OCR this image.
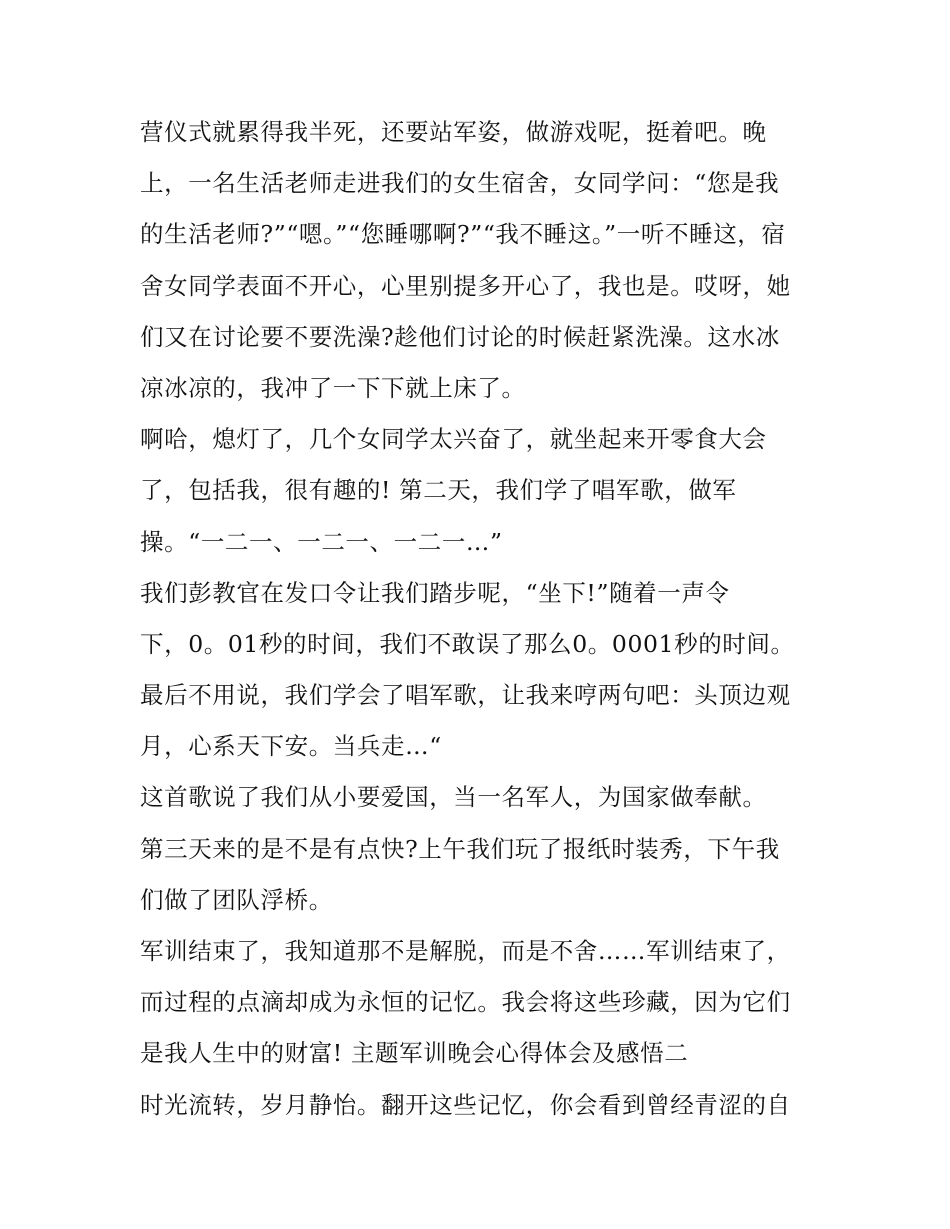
营仪式就累得我半死，还要站军姿，做游戏呢，挺着吧。晚
上，一名生活老师走进我们的女生宿舍，女同学问：“您是我
的生活老师?”“嗯。”“您睡哪啊?”“我不睡这。”一听不睡这，宿
舍女同学表面不开心，心里别提多开心了，我也是。哎呀，她
们又在讨论要不要洗澡?趁他们讨论的时候赶紧洗澡。这水冰
凉冰凉的，我冲了一下下就上床了。
啊哈，熄灯了，几个女同学太兴奋了，就坐起来开零食大会
了，包括我，很有趣的! 第二天，我们学了唱军歌，做军
操。“一二一、一二一、一二一…”
我们彭教官在发口令让我们踏步呢，“坐下!”随着一声令
下，0。01秒的时间，我们不敢误了那么0。0001秒的时间。
最后不用说，我们学会了唱军歌，让我来哼两句吧：头顶边观
月，心系天下安。当兵走…“
这首歌说了我们从小要爱国，当一名军人，为国家做奉献。
第三天来的是不是有点快?上午我们玩了报纸时装秀，下午我
们做了团队浮桥。
军训结束了，我知道那不是解脱，而是不舍……军训结束了，
而过程的点滴却成为永恒的记忆。我会将这些珍藏，因为它们
是我人生中的财富! 主题军训晚会心得体会及感悟二
时光流转，岁月静怡。翻开这些记忆，你会看到曾经青涩的自
